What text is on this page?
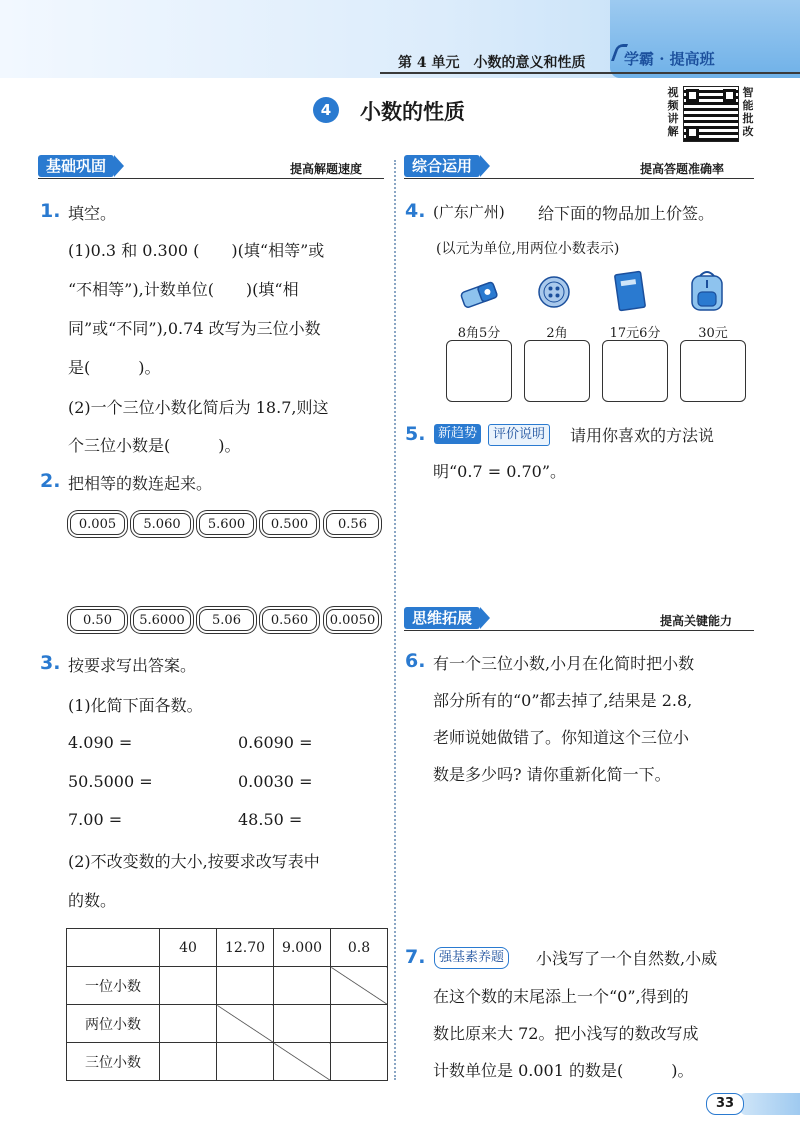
第 4 单元　小数的意义和性质	学霸 · 提高班
4	小数的性质
视频讲解
智能批改
基础巩固	提高解题速度
1. 填空。
(1)0.3 和 0.300 (　　)(填“相等”或
“不相等”),计数单位(　　)(填“相
同”或“不同”),0.74 改写为三位小数
是(　　　)。
(2)一个三位小数化简后为 18.7,则这
个三位小数是(　　　)。
2. 把相等的数连起来。
0.005	5.060	5.600	0.500	0.56
0.50	5.6000	5.06	0.560	0.0050
3. 按要求写出答案。
(1)化简下面各数。
4.090 =	0.6090 =
50.5000 =	0.0030 =
7.00 =	48.50 =
(2)不改变数的大小,按要求改写表中
的数。
	40	12.70	9.000	0.8
一位小数				
两位小数				
三位小数				
综合运用	提高答题准确率
4. (广东广州) 给下面的物品加上价签。
(以元为单位,用两位小数表示)
8角5分	2角	17元6分	30元
5. 新趋势	评价说明	请用你喜欢的方法说
明“0.7 = 0.70”。
思维拓展	提高关键能力
6. 有一个三位小数,小月在化简时把小数
部分所有的“0”都去掉了,结果是 2.8,
老师说她做错了。你知道这个三位小
数是多少吗? 请你重新化简一下。
7.	强基素养题	小浅写了一个自然数,小威
在这个数的末尾添上一个“0”,得到的
数比原来大 72。把小浅写的数改写成
计数单位是 0.001 的数是(　　　)。
33
